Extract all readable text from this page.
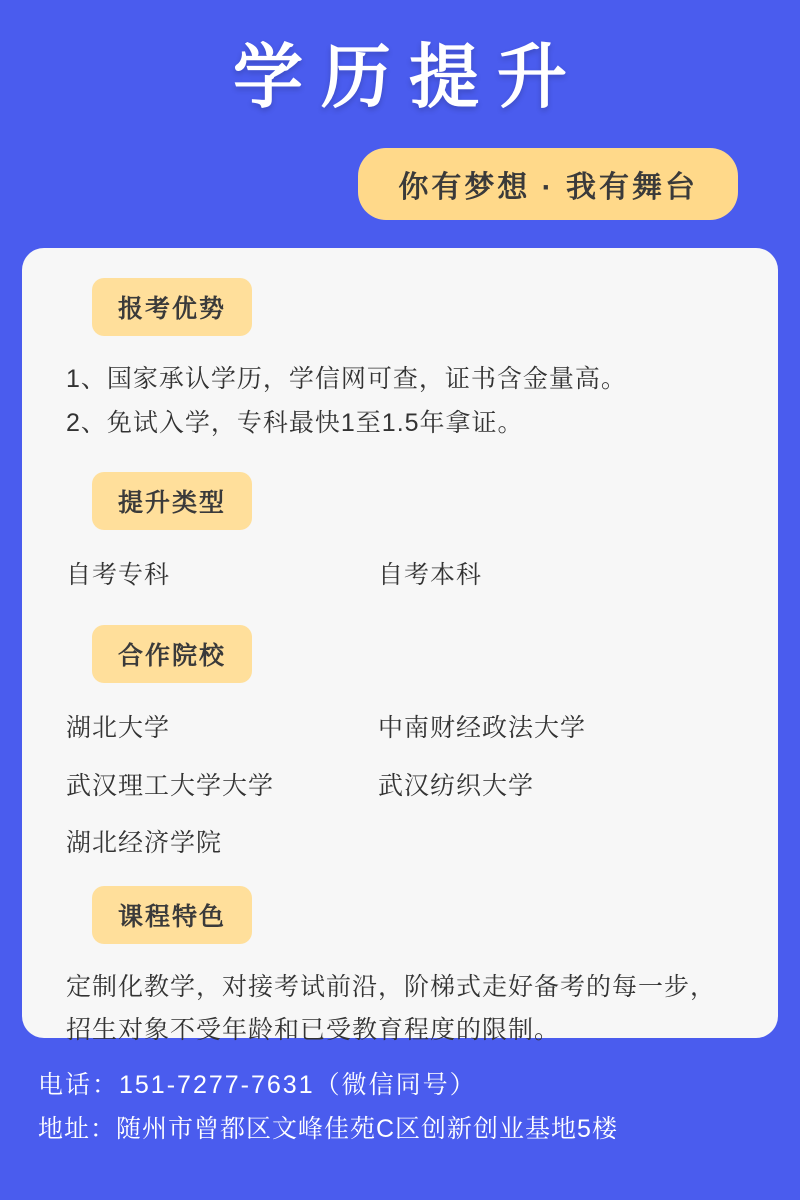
学历提升
你有梦想 · 我有舞台
报考优势
1、国家承认学历，学信网可查，证书含金量高。
2、免试入学，专科最快1至1.5年拿证。
提升类型
自考专科	自考本科
合作院校
湖北大学	中南财经政法大学
武汉理工大学大学	武汉纺织大学
湖北经济学院
课程特色
定制化教学，对接考试前沿，阶梯式走好备考的每一步，
招生对象不受年龄和已受教育程度的限制。
电话：151-7277-7631（微信同号）
地址：随州市曾都区文峰佳苑C区创新创业基地5楼
